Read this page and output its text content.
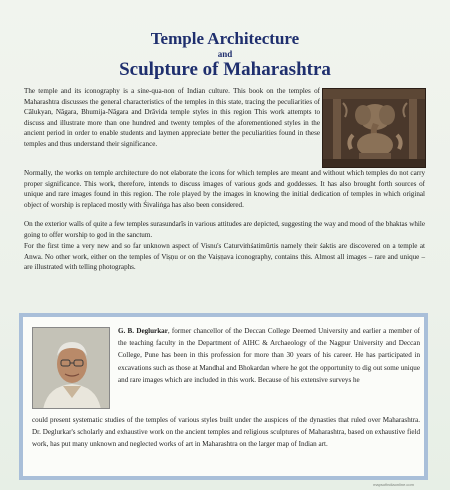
Temple Architecture
and
Sculpture of Maharashtra

The temple and its iconography is a sine-qua-non of Indian culture. This book on the temples of Maharashtra discusses the general characteristics of the temples in this state, tracing the peculiarities of Cālukyan, Nāgara, Bhumija-Nāgara and Drāvida temple styles in this region This work attempts to discuss and illustrate more than one hundred and twenty temples of the aforementioned styles in the ancient period in order to enable students and laymen appreciate better the peculiarities found in these temples and thus understand their significance.

Normally, the works on temple architecture do not elaborate the icons for which temples are meant and without which temples do not carry proper significance. This work, therefore, intends to discuss images of various gods and goddesses. It has also brought forth sources of unique and rare images found in this region. The role played by the images in knowing the initial dedication of temples in which original object of worship is replaced mostly with Śivaliṅga has also been considered.

On the exterior walls of quite a few temples surasundarīs in various attitudes are depicted, suggesting the way and mood of the bhaktas while going to offer worship to god in the sanctum.

For the first time a very new and so far unknown aspect of Visnu's Caturviṁśatimūrtis namely their śaktis are discovered on a temple at Anwa. No other work, either on the temples of Viṣṇu or on the Vaiṣṇava iconography, contains this. Almost all images – rare and unique – are illustrated with telling photographs.

G. B. Deglurkar, former chancellor of the Deccan College Deemed University and earlier a member of the teaching faculty in the Department of AIHC & Archaeology of the Nagpur University and Deccan College, Pune has been in this profession for more than 30 years of his career. He has participated in excavations such as those at Mandhal and Bhokardan where he got the opportunity to dig out some unique and rare images which are included in this work. Because of his extensive surveys he

could present systematic studies of the temples of various styles built under the auspices of the dynasties that ruled over Maharashtra. Dr. Deglurkar's scholarly and exhaustive work on the ancient temples and religious sculptures of Maharashtra, based on exhaustive field work, has put many unknown and neglected works of art in Maharashtra on the larger map of Indian art.

mapsofindiaonline.com
